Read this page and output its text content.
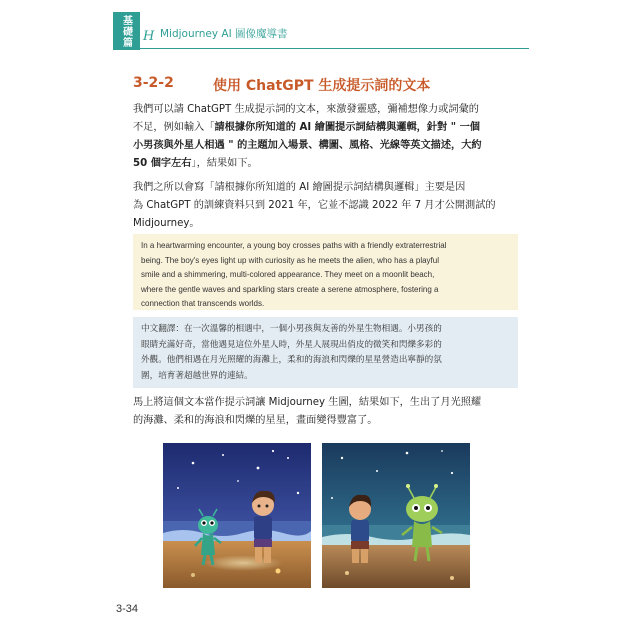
基礎篇 H Midjourney AI 圖像魔導書
3-2-2	使用 ChatGPT 生成提示詞的文本
我們可以請 ChatGPT 生成提示詞的文本，來激發靈感，彌補想像力或詞彙的
不足，例如輸入「請根據你所知道的 AI 繪圖提示詞結構與邏輯，針對 " 一個
小男孩與外星人相遇 " 的主題加入場景、構圖、風格、光線等英文描述，大約
50 個字左右」，結果如下。
我們之所以會寫「請根據你所知道的 AI 繪圖提示詞結構與邏輯」主要是因
為 ChatGPT 的訓練資料只到 2021 年，它並不認識 2022 年 7 月才公開測試的
Midjourney。
In a heartwarming encounter, a young boy crosses paths with a friendly extraterrestrial
being. The boy's eyes light up with curiosity as he meets the alien, who has a playful
smile and a shimmering, multi-colored appearance. They meet on a moonlit beach,
where the gentle waves and sparkling stars create a serene atmosphere, fostering a
connection that transcends worlds.
中文翻譯：在一次溫馨的相遇中，一個小男孩與友善的外星生物相遇。小男孩的
眼睛充滿好奇，當他遇見這位外星人時，外星人展現出俏皮的微笑和閃爍多彩的
外觀。他們相遇在月光照耀的海灘上，柔和的海浪和閃爍的星星營造出寧靜的氛
圍，培育著超越世界的連結。
馬上將這個文本當作提示詞讓 Midjourney 生圖，結果如下，生出了月光照耀
的海灘、柔和的海浪和閃爍的星星，畫面變得豐富了。
3-34
